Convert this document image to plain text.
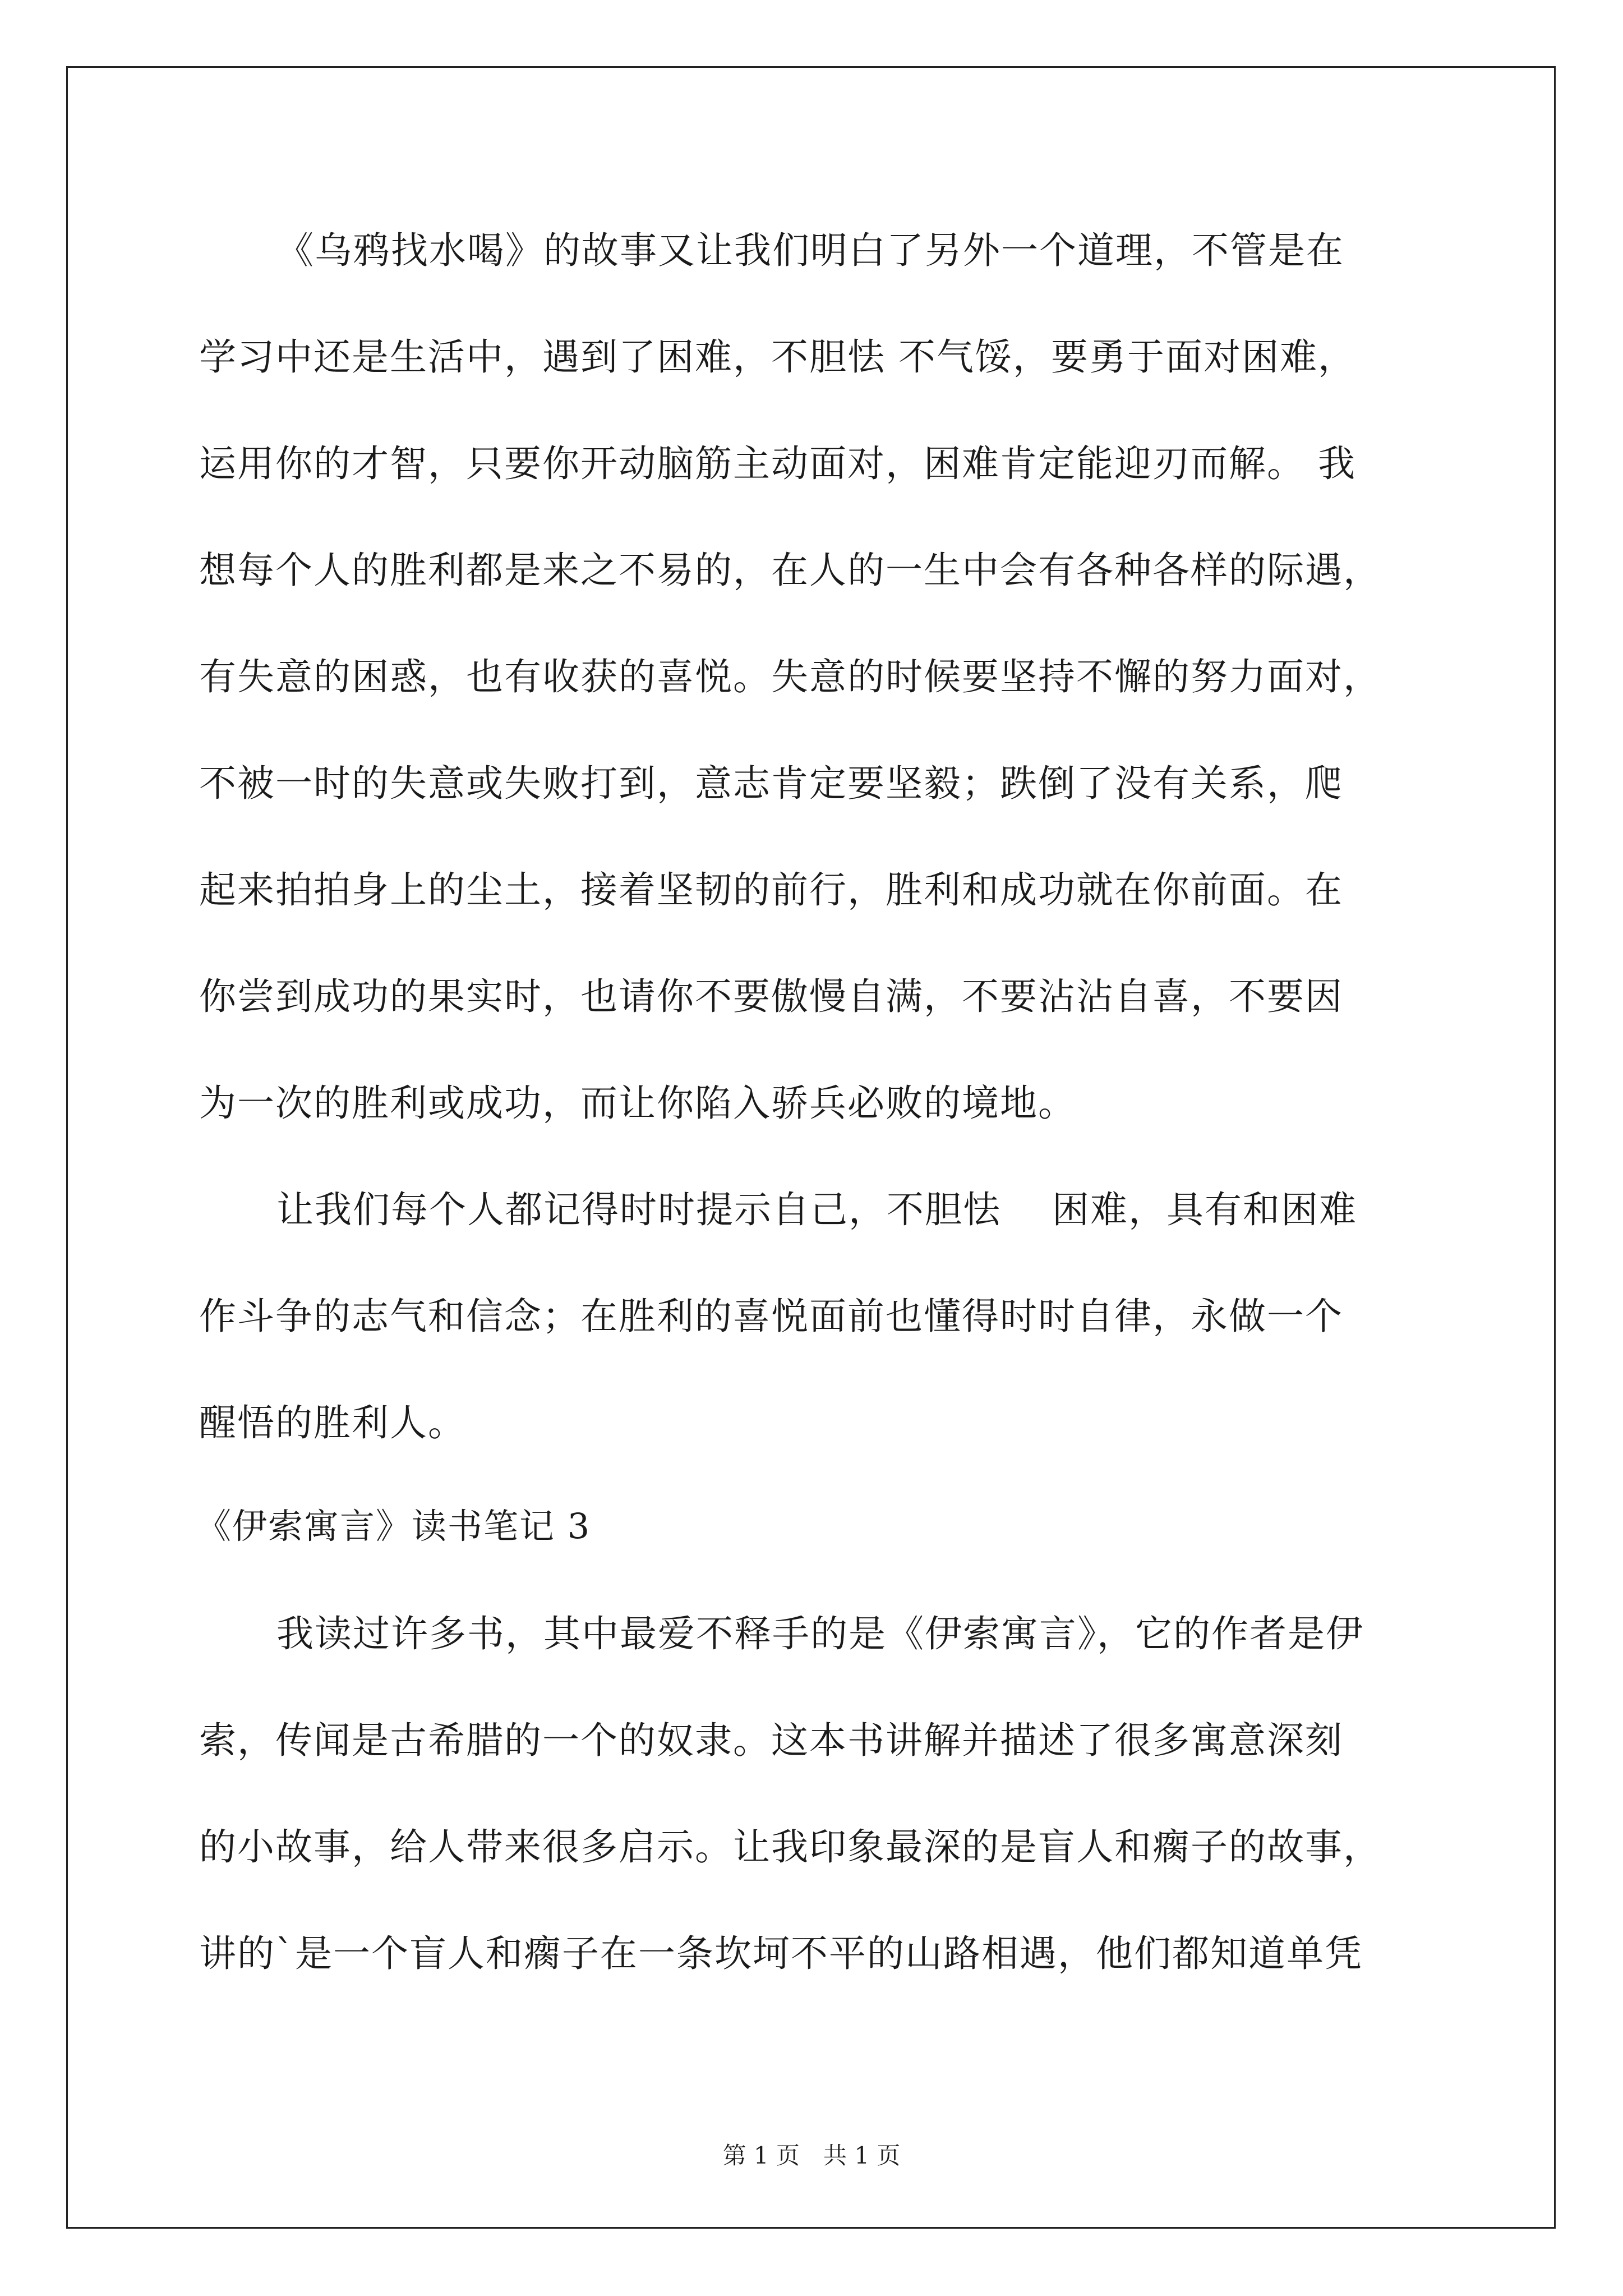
《乌鸦找水喝》的故事又让我们明白了另外一个道理，不管是在
学习中还是生活中，遇到了困难，不胆怯 不气馁，要勇于面对困难，
运用你的才智，只要你开动脑筋主动面对，困难肯定能迎刃而解。 我
想每个人的胜利都是来之不易的，在人的一生中会有各种各样的际遇，
有失意的困惑，也有收获的喜悦。失意的时候要坚持不懈的努力面对，
不被一时的失意或失败打到，意志肯定要坚毅；跌倒了没有关系，爬
起来拍拍身上的尘土，接着坚韧的前行，胜利和成功就在你前面。在
你尝到成功的果实时，也请你不要傲慢自满，不要沾沾自喜，不要因
为一次的胜利或成功，而让你陷入骄兵必败的境地。
让我们每个人都记得时时提示自己，不胆怯　 困难，具有和困难
作斗争的志气和信念；在胜利的喜悦面前也懂得时时自律，永做一个
醒悟的胜利人。
《伊索寓言》读书笔记 3
我读过许多书，其中最爱不释手的是《伊索寓言》，它的作者是伊
索，传闻是古希腊的一个的奴隶。这本书讲解并描述了很多寓意深刻
的小故事，给人带来很多启示。让我印象最深的是盲人和瘸子的故事，
讲的`是一个盲人和瘸子在一条坎坷不平的山路相遇，他们都知道单凭
第 1 页　共 1 页
